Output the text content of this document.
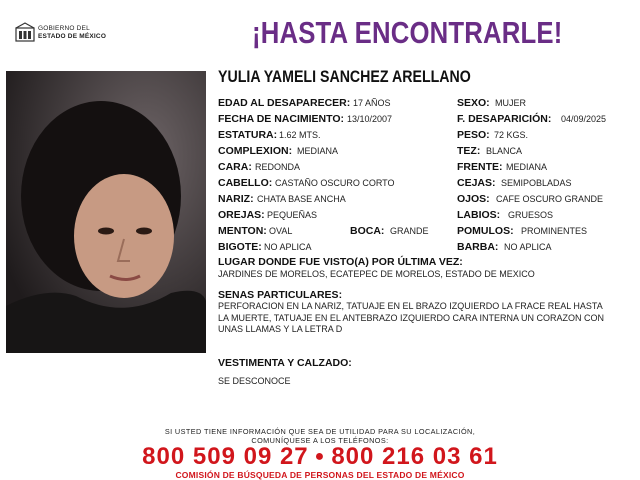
GOBIERNO DEL
ESTADO DE MÉXICO	¡HASTA ENCONTRARLE!
YULIA YAMELI SANCHEZ ARELLANO
EDAD AL DESAPARECER: 17 AÑOS	SEXO: MUJER
FECHA DE NACIMIENTO: 13/10/2007	F. DESAPARICIÓN: 04/09/2025
ESTATURA: 1.62 MTS.	PESO: 72 KGS.
COMPLEXION: MEDIANA	TEZ: BLANCA
CARA: REDONDA	FRENTE: MEDIANA
CABELLO: CASTAÑO OSCURO CORTO	CEJAS: SEMIPOBLADAS
NARIZ: CHATA BASE ANCHA	OJOS: CAFE OSCURO GRANDE
OREJAS: PEQUEÑAS	LABIOS: GRUESOS
MENTON: OVAL	BOCA: GRANDE	POMULOS: PROMINENTES
BIGOTE: NO APLICA	BARBA: NO APLICA
LUGAR DONDE FUE VISTO(A) POR ÚLTIMA VEZ:
JARDINES DE MORELOS, ECATEPEC DE MORELOS, ESTADO DE MEXICO
SENAS PARTICULARES:
PERFORACION EN LA NARIZ, TATUAJE EN EL BRAZO IZQUIERDO LA FRACE REAL HASTA LA MUERTE, TATUAJE EN EL ANTEBRAZO IZQUIERDO CARA INTERNA UN CORAZON CON UNAS LLAMAS Y LA LETRA D
VESTIMENTA Y CALZADO:
SE DESCONOCE
SI USTED TIENE INFORMACIÓN QUE SEA DE UTILIDAD PARA SU LOCALIZACIÓN,
COMUNÍQUESE A LOS TELÉFONOS:
800 509 09 27 ● 800 216 03 61
COMISIÓN DE BÚSQUEDA DE PERSONAS DEL ESTADO DE MÉXICO
